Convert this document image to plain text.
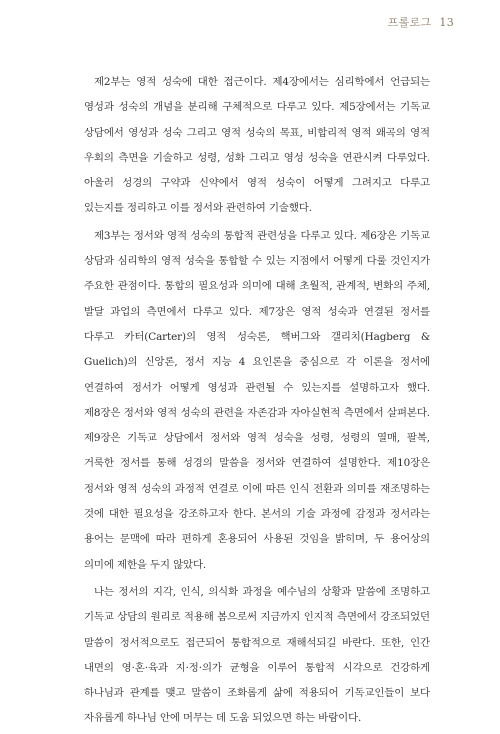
프롤로그 13

제2부는 영적 성숙에 대한 접근이다. 제4장에서는 심리학에서 언급되는 영성과 성숙의 개념을 분리해 구체적으로 다루고 있다. 제5장에서는 기독교 상담에서 영성과 성숙 그리고 영적 성숙의 목표, 비합리적 영적 왜곡의 영적 우회의 측면을 기술하고 성령, 성화 그리고 영성 성숙을 연관시켜 다루었다. 아울러 성경의 구약과 신약에서 영적 성숙이 어떻게 그려지고 다루고 있는지를 정리하고 이를 정서와 관련하여 기술했다.

제3부는 정서와 영적 성숙의 통합적 관련성을 다루고 있다. 제6장은 기독교 상담과 심리학의 영적 성숙을 통합할 수 있는 지점에서 어떻게 다룰 것인지가 주요한 관점이다. 통합의 필요성과 의미에 대해 초월적, 관계적, 변화의 주체, 발달 과업의 측면에서 다루고 있다. 제7장은 영적 성숙과 연결된 정서를 다루고 카터(Carter)의 영적 성숙론, 핵버그와 갤리치(Hagberg & Guelich)의 신앙론, 정서 지능 4 요인론을 중심으로 각 이론을 정서에 연결하여 정서가 어떻게 영성과 관련될 수 있는지를 설명하고자 했다. 제8장은 정서와 영적 성숙의 관련을 자존감과 자아실현적 측면에서 살펴본다. 제9장은 기독교 상담에서 정서와 영적 성숙을 성령, 성령의 열매, 팔복, 거룩한 정서를 통해 성경의 말씀을 정서와 연결하여 설명한다. 제10장은 정서와 영적 성숙의 과정적 연결로 이에 따른 인식 전환과 의미를 재조명하는 것에 대한 필요성을 강조하고자 한다. 본서의 기술 과정에 감정과 정서라는 용어는 문맥에 따라 편하게 혼용되어 사용된 것임을 밝히며, 두 용어상의 의미에 제한을 두지 않았다.

나는 정서의 지각, 인식, 의식화 과정을 예수님의 상황과 말씀에 조명하고 기독교 상담의 원리로 적용해 봄으로써 지금까지 인지적 측면에서 강조되었던 말씀이 정서적으로도 접근되어 통합적으로 재해석되길 바란다. 또한, 인간 내면의 영·혼·육과 지·정·의가 균형을 이루어 통합적 시각으로 건강하게 하나님과 관계를 맺고 말씀이 조화롭게 삶에 적용되어 기독교인들이 보다 자유롭게 하나님 안에 머무는 데 도움 되었으면 하는 바람이다.
